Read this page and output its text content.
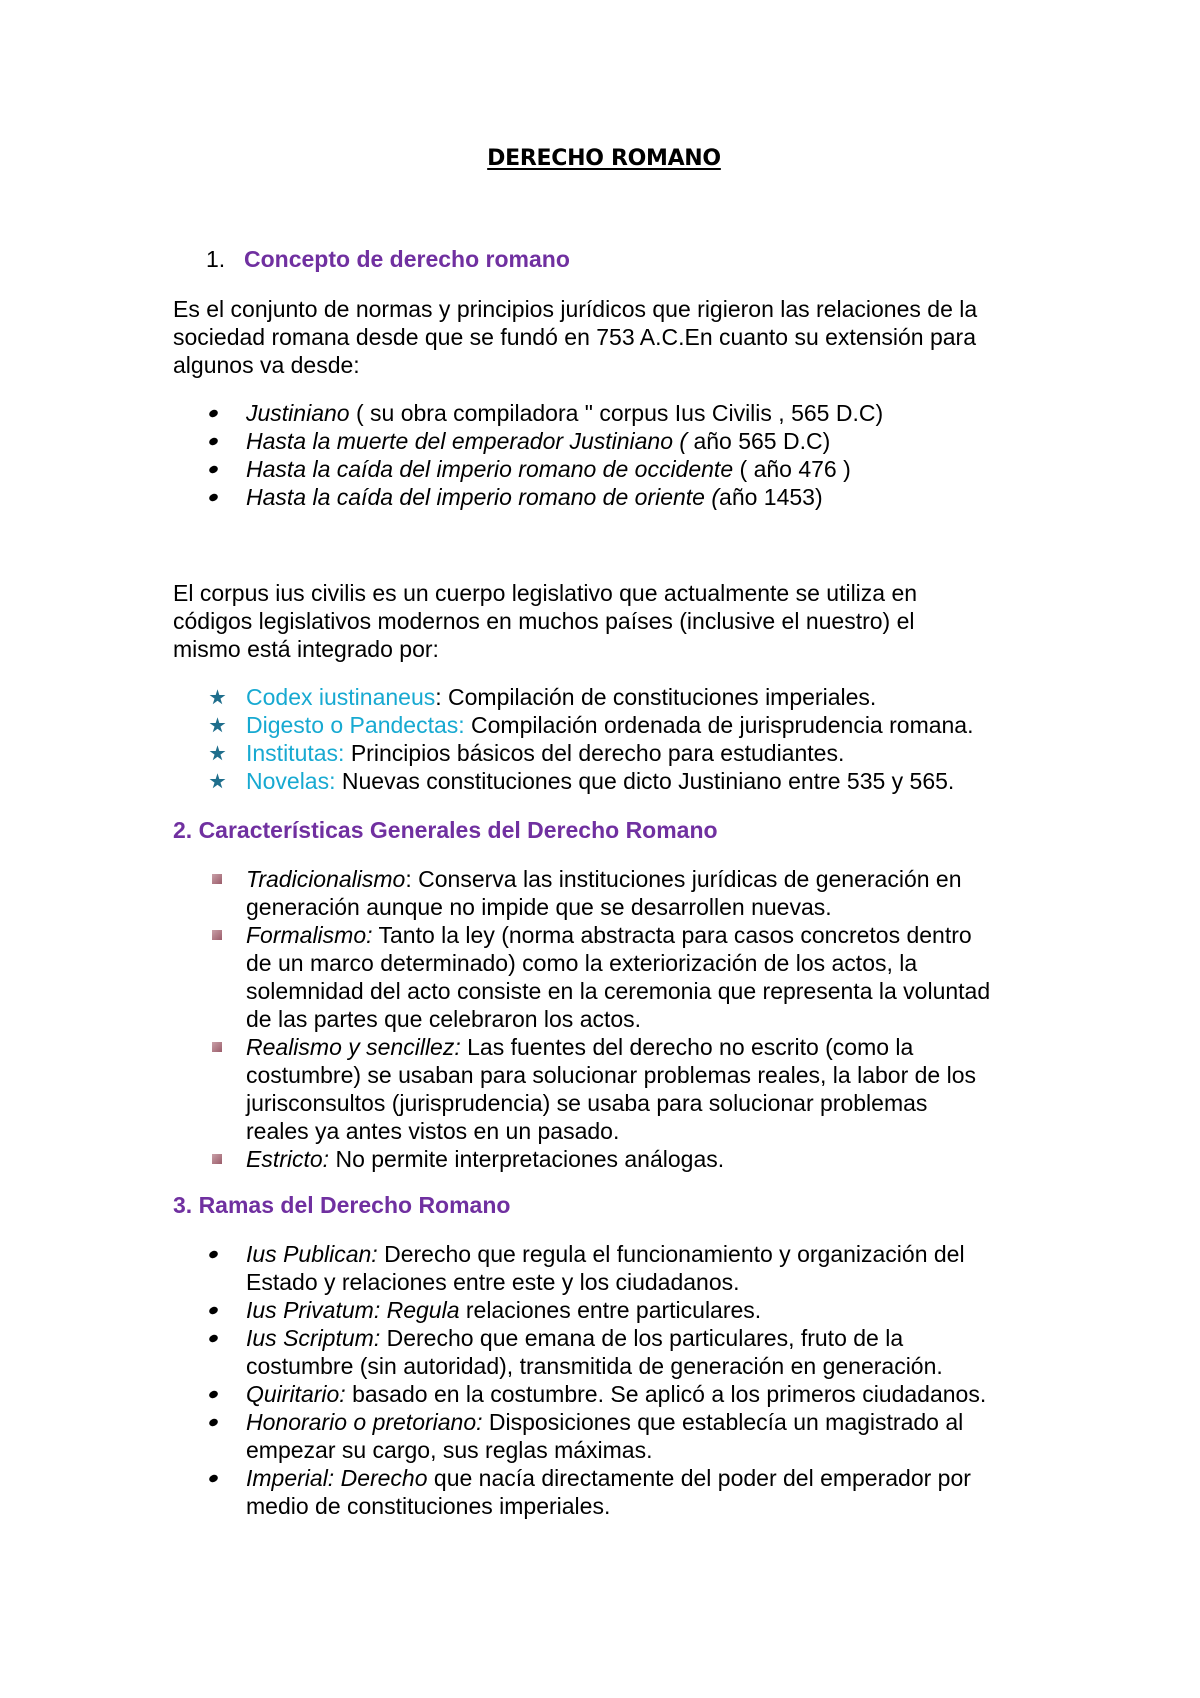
DERECHO ROMANO
1. Concepto de derecho romano

Es el conjunto de normas y principios jurídicos que rigieron las relaciones de la
sociedad romana desde que se fundó en 753 A.C.En cuanto su extensión para
algunos va desde:

Justiniano ( su obra compiladora " corpus Ius Civilis , 565 D.C)
Hasta la muerte del emperador Justiniano ( año 565 D.C)
Hasta la caída del imperio romano de occidente ( año 476 )
Hasta la caída del imperio romano de oriente (año 1453)

El corpus ius civilis es un cuerpo legislativo que actualmente se utiliza en
códigos legislativos modernos en muchos países (inclusive el nuestro) el
mismo está integrado por:

Codex iustinaneus: Compilación de constituciones imperiales.
Digesto o Pandectas: Compilación ordenada de jurisprudencia romana.
Institutas: Principios básicos del derecho para estudiantes.
Novelas: Nuevas constituciones que dicto Justiniano entre 535 y 565.
2. Características Generales del Derecho Romano
Tradicionalismo: Conserva las instituciones jurídicas de generación en
generación aunque no impide que se desarrollen nuevas.
Formalismo: Tanto la ley (norma abstracta para casos concretos dentro
de un marco determinado) como la exteriorización de los actos, la
solemnidad del acto consiste en la ceremonia que representa la voluntad
de las partes que celebraron los actos.
Realismo y sencillez: Las fuentes del derecho no escrito (como la
costumbre) se usaban para solucionar problemas reales, la labor de los
jurisconsultos (jurisprudencia) se usaba para solucionar problemas
reales ya antes vistos en un pasado.
Estricto: No permite interpretaciones análogas.
3. Ramas del Derecho Romano
Ius Publican: Derecho que regula el funcionamiento y organización del
Estado y relaciones entre este y los ciudadanos.
Ius Privatum: Regula relaciones entre particulares.
Ius Scriptum: Derecho que emana de los particulares, fruto de la
costumbre (sin autoridad), transmitida de generación en generación.
Quiritario: basado en la costumbre. Se aplicó a los primeros ciudadanos.
Honorario o pretoriano: Disposiciones que establecía un magistrado al
empezar su cargo, sus reglas máximas.
Imperial: Derecho que nacía directamente del poder del emperador por
medio de constituciones imperiales.
